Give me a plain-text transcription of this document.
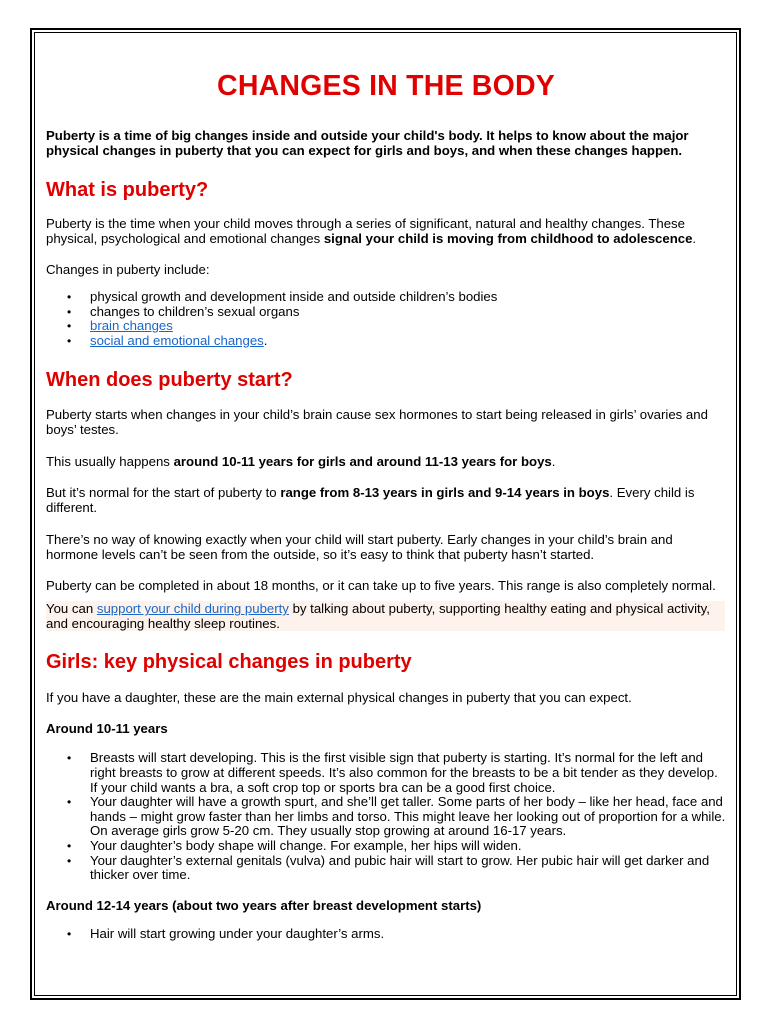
CHANGES IN THE BODY

Puberty is a time of big changes inside and outside your child's body. It helps to know about the major physical changes in puberty that you can expect for girls and boys, and when these changes happen.

What is puberty?

Puberty is the time when your child moves through a series of significant, natural and healthy changes. These physical, psychological and emotional changes signal your child is moving from childhood to adolescence.

Changes in puberty include:

• physical growth and development inside and outside children’s bodies
• changes to children’s sexual organs
• brain changes
• social and emotional changes.
When does puberty start?

Puberty starts when changes in your child’s brain cause sex hormones to start being released in girls’ ovaries and boys’ testes.

This usually happens around 10-11 years for girls and around 11-13 years for boys.

But it’s normal for the start of puberty to range from 8-13 years in girls and 9-14 years in boys. Every child is different.

There’s no way of knowing exactly when your child will start puberty. Early changes in your child’s brain and hormone levels can’t be seen from the outside, so it’s easy to think that puberty hasn’t started.

Puberty can be completed in about 18 months, or it can take up to five years. This range is also completely normal.

You can support your child during puberty by talking about puberty, supporting healthy eating and physical activity, and encouraging healthy sleep routines.

Girls: key physical changes in puberty

If you have a daughter, these are the main external physical changes in puberty that you can expect.

Around 10-11 years

• Breasts will start developing. This is the first visible sign that puberty is starting. It’s normal for the left and right breasts to grow at different speeds. It’s also common for the breasts to be a bit tender as they develop. If your child wants a bra, a soft crop top or sports bra can be a good first choice.
• Your daughter will have a growth spurt, and she’ll get taller. Some parts of her body – like her head, face and hands – might grow faster than her limbs and torso. This might leave her looking out of proportion for a while. On average girls grow 5-20 cm. They usually stop growing at around 16-17 years.
• Your daughter’s body shape will change. For example, her hips will widen.
• Your daughter’s external genitals (vulva) and pubic hair will start to grow. Her pubic hair will get darker and thicker over time.

Around 12-14 years (about two years after breast development starts)

• Hair will start growing under your daughter’s arms.
